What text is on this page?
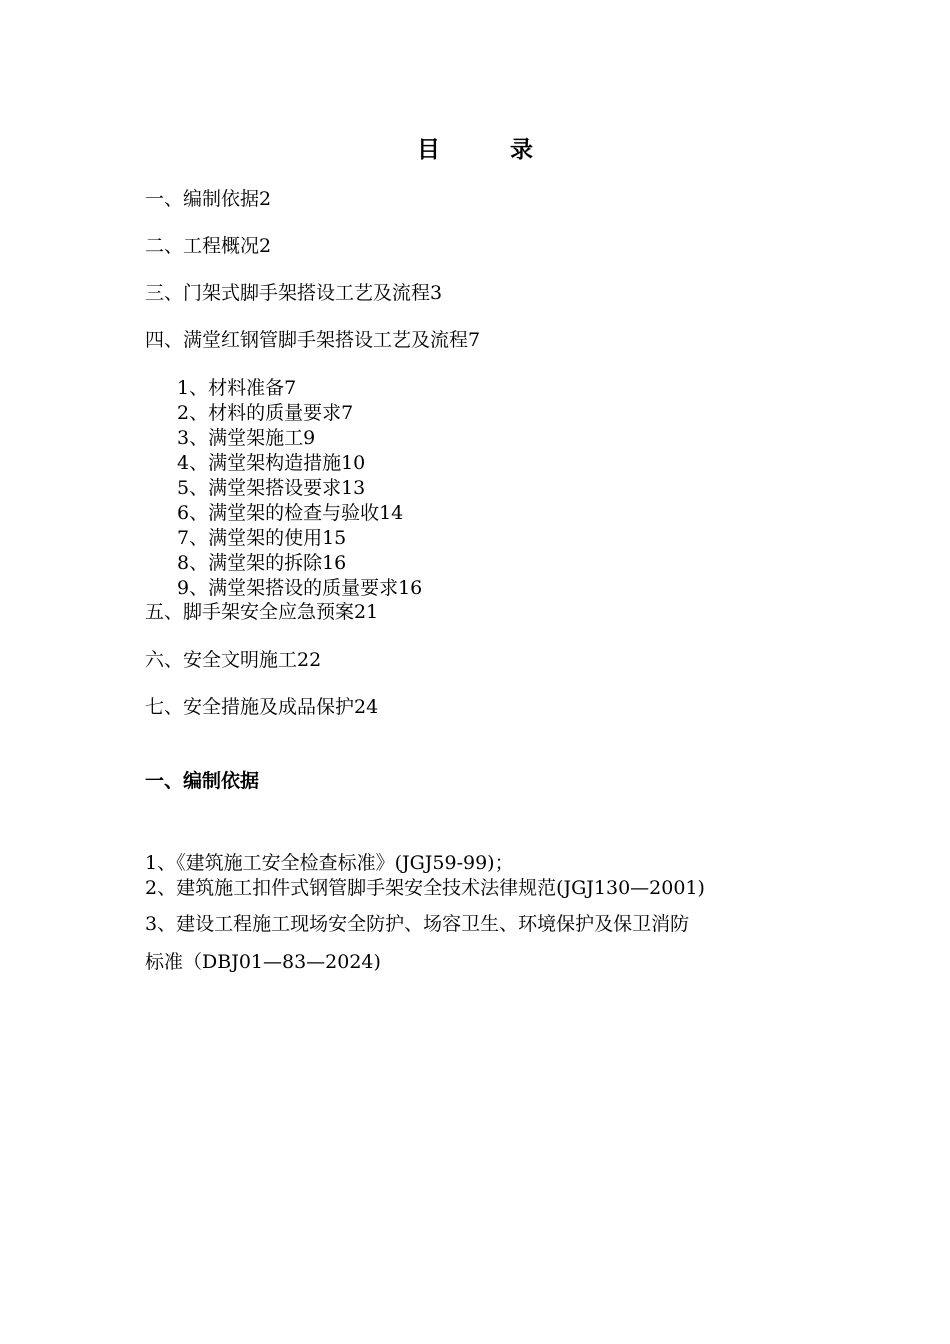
目	录
一、编制依据2
二、工程概况2
三、门架式脚手架搭设工艺及流程3
四、满堂红钢管脚手架搭设工艺及流程7
1、材料准备7
2、材料的质量要求7
3、满堂架施工9
4、满堂架构造措施10
5、满堂架搭设要求13
6、满堂架的检查与验收14
7、满堂架的使用15
8、满堂架的拆除16
9、满堂架搭设的质量要求16
五、脚手架安全应急预案21
六、安全文明施工22
七、安全措施及成品保护24
一、编制依据
1、《建筑施工安全检查标准》(JGJ59-99)；
2、建筑施工扣件式钢管脚手架安全技术法律规范(JGJ130—2001)
3、建设工程施工现场安全防护、场容卫生、环境保护及保卫消防
标准（DBJ01—83—2024)
